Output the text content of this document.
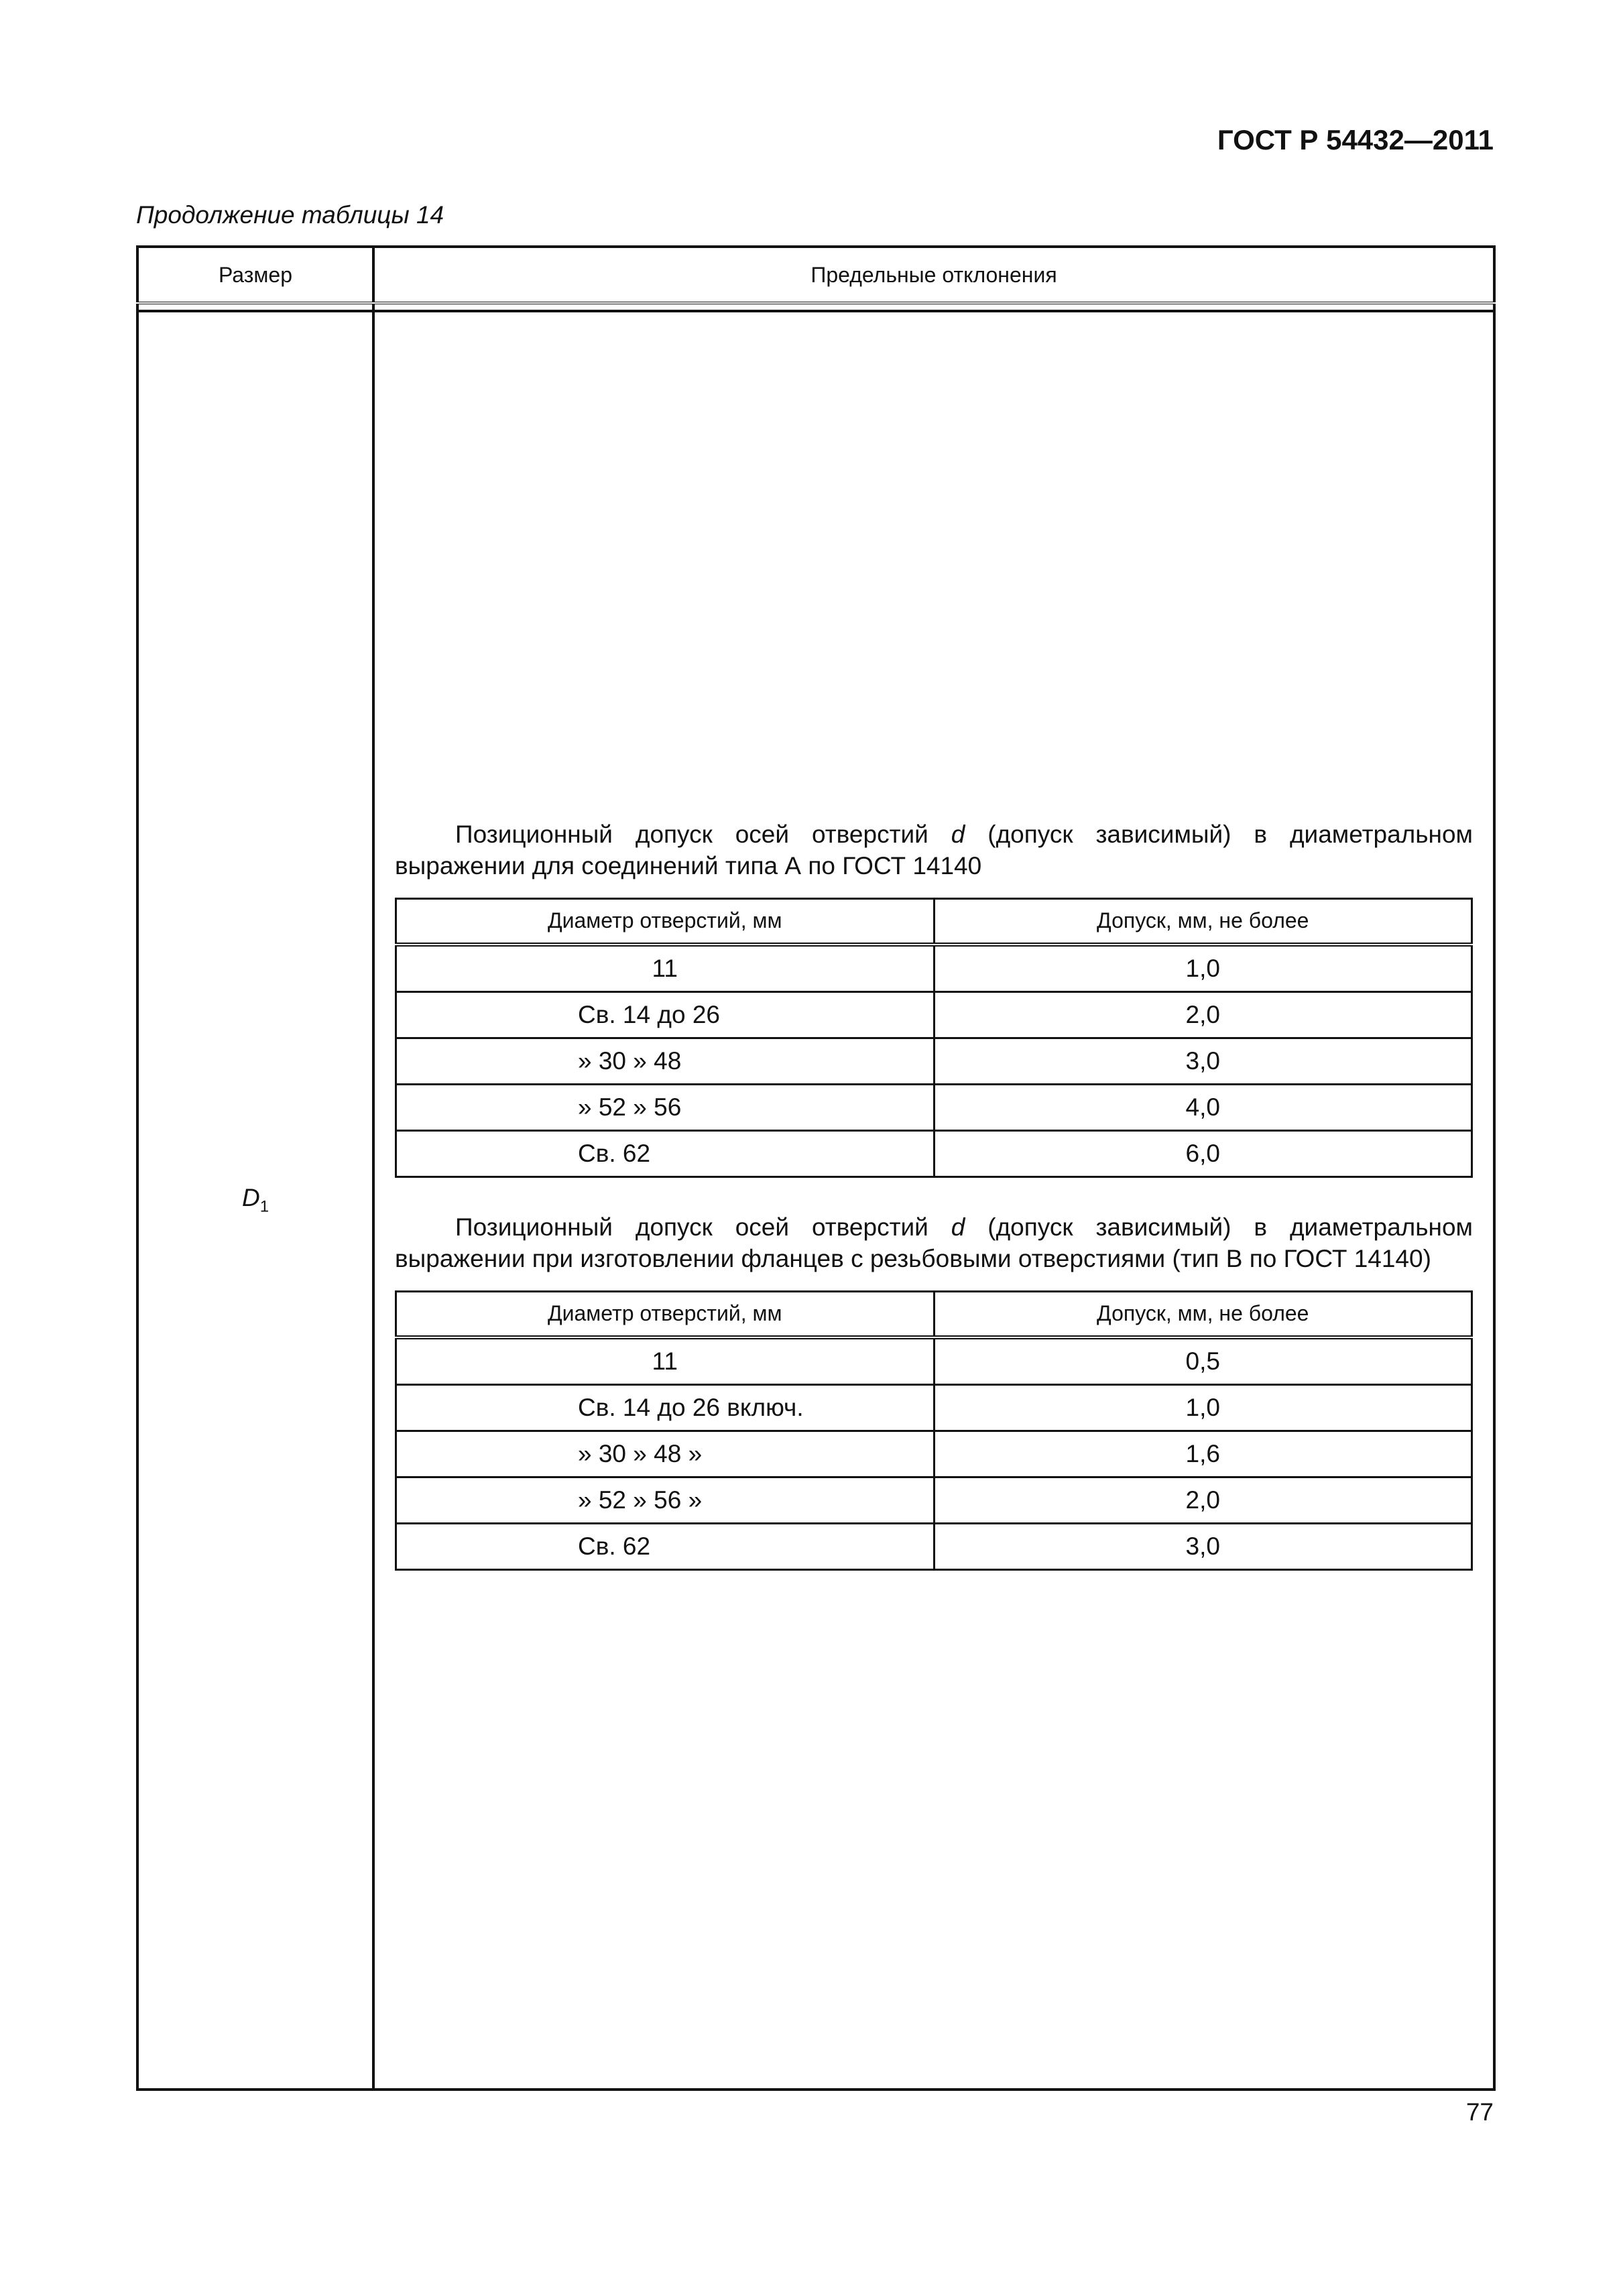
ГОСТ Р 54432—2011
Продолжение таблицы 14
Размер	Предельные отклонения

$D_1$	

Позиционный допуск осей отверстий d (допуск зависимый) в диаметральном выражении для соединений типа А по ГОСТ 14140

Диаметр отверстий, мм	Допуск, мм, не более
11	1,0
Св. 14 до 26	2,0
» 30 » 48	3,0
» 52 » 56	4,0
Св. 62	6,0

Позиционный допуск осей отверстий d (допуск зависимый) в диаметральном выражении при изготовлении фланцев с резьбовыми отверстиями (тип В по ГОСТ 14140)

Диаметр отверстий, мм	Допуск, мм, не более
11	0,5
Св. 14 до 26 включ.	1,0
» 30 » 48 »	1,6
» 52 » 56 »	2,0
Св. 62	3,0
77
